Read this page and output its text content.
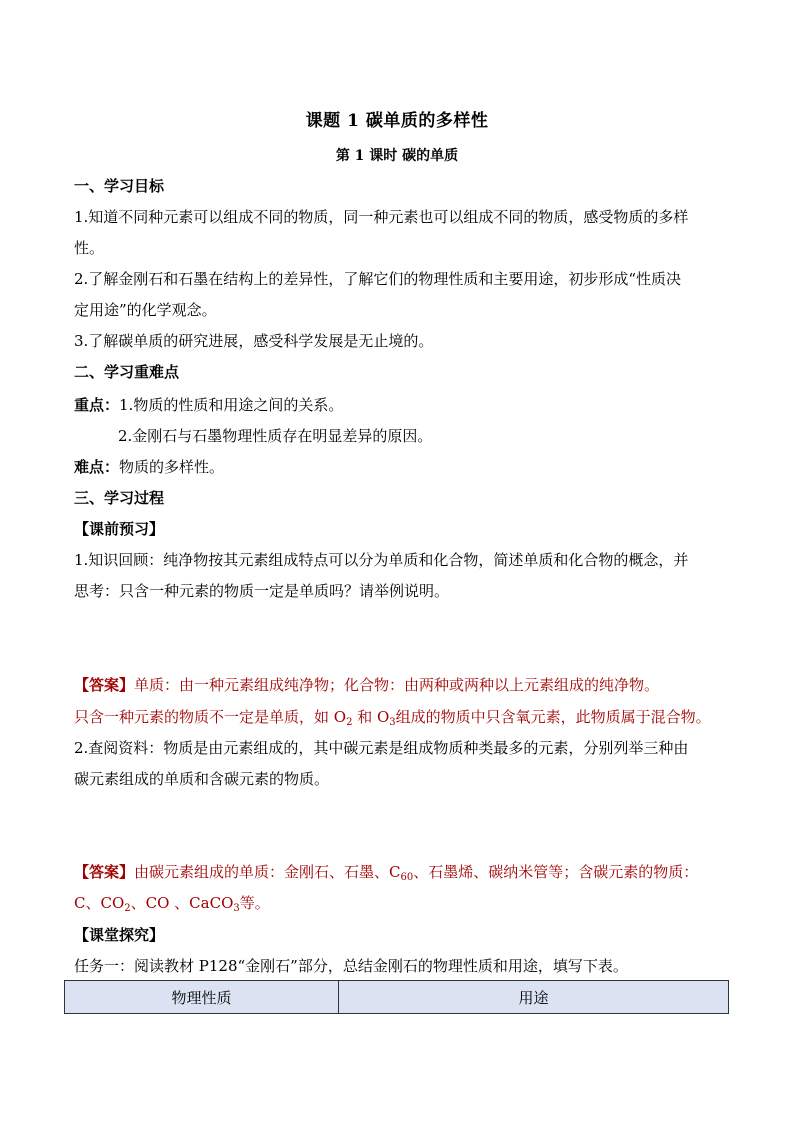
课题 1 碳单质的多样性
第 1 课时 碳的单质
一、学习目标
1.知道不同种元素可以组成不同的物质，同一种元素也可以组成不同的物质，感受物质的多样
性。
2.了解金刚石和石墨在结构上的差异性，了解它们的物理性质和主要用途，初步形成“性质决
定用途”的化学观念。
3.了解碳单质的研究进展，感受科学发展是无止境的。
二、学习重难点
重点：1.物质的性质和用途之间的关系。
2.金刚石与石墨物理性质存在明显差异的原因。
难点：物质的多样性。
三、学习过程
【课前预习】
1.知识回顾：纯净物按其元素组成特点可以分为单质和化合物，简述单质和化合物的概念，并
思考：只含一种元素的物质一定是单质吗？请举例说明。
【答案】单质：由一种元素组成纯净物；化合物：由两种或两种以上元素组成的纯净物。
只含一种元素的物质不一定是单质，如 $O_2$ 和 $O_3$组成的物质中只含氧元素，此物质属于混合物。
2.查阅资料：物质是由元素组成的，其中碳元素是组成物质种类最多的元素，分别列举三种由
碳元素组成的单质和含碳元素的物质。
【答案】由碳元素组成的单质：金刚石、石墨、$C_{60}$、石墨烯、碳纳米管等；含碳元素的物质：
C、$CO_2$、CO 、CaCO$_3$等。
【课堂探究】
任务一：阅读教材 P128“金刚石”部分，总结金刚石的物理性质和用途，填写下表。
物理性质	用途
